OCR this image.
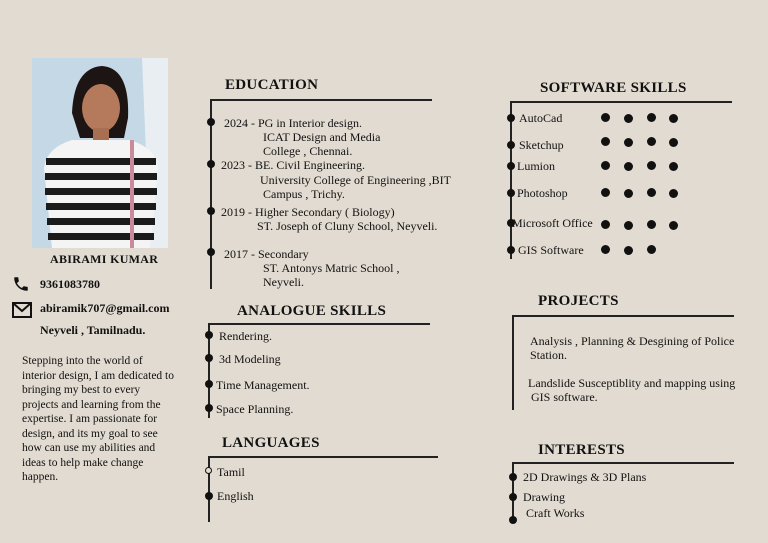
ABIRAMI KUMAR
9361083780
abiramik707@gmail.com
Neyveli , Tamilnadu.
Stepping into the world of interior design, I am dedicated to bringing my best to every projects and learning from the expertise. I am passionate for design, and its my goal to see how can use my abilities and ideas to help make change happen.
EDUCATION
2024 - PG in Interior design.
ICAT Design and Media
College , Chennai.
2023 - BE. Civil Engineering.
University College of Engineering ,BIT
Campus , Trichy.
2019 - Higher Secondary ( Biology)
ST. Joseph of Cluny School, Neyveli.
2017 - Secondary
ST. Antonys Matric School ,
Neyveli.
ANALOGUE SKILLS
Rendering.
3d Modeling
Time Management.
Space Planning.
LANGUAGES
Tamil
English
SOFTWARE SKILLS
AutoCad
Sketchup
Lumion
Photoshop
Microsoft Office
GIS Software
PROJECTS
Analysis , Planning & Desgining of Police
Station.
Landslide Susceptiblity and mapping using
GIS software.
INTERESTS
2D Drawings & 3D Plans
Drawing
Craft Works
